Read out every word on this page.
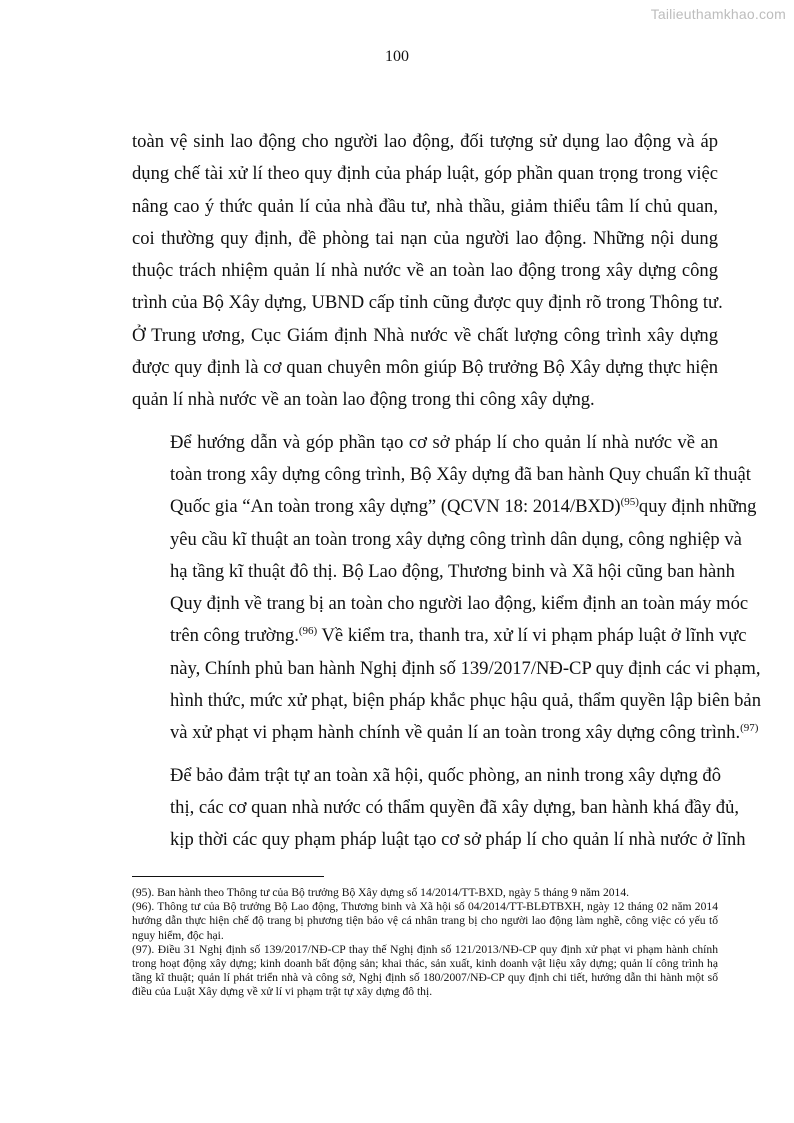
Tailieuthamkhao.com
100

toàn vệ sinh lao động cho người lao động, đối tượng sử dụng lao động và áp
dụng chế tài xử lí theo quy định của pháp luật, góp phần quan trọng trong việc
nâng cao ý thức quản lí của nhà đầu tư, nhà thầu, giảm thiểu tâm lí chủ quan,
coi thường quy định, đề phòng tai nạn của người lao động. Những nội dung
thuộc trách nhiệm quản lí nhà nước về an toàn lao động trong xây dựng công
trình của Bộ Xây dựng, UBND cấp tỉnh cũng được quy định rõ trong Thông tư.
Ở Trung ương, Cục Giám định Nhà nước về chất lượng công trình xây dựng
được quy định là cơ quan chuyên môn giúp Bộ trưởng Bộ Xây dựng thực hiện
quản lí nhà nước về an toàn lao động trong thi công xây dựng.

Để hướng dẫn và góp phần tạo cơ sở pháp lí cho quản lí nhà nước về an
toàn trong xây dựng công trình, Bộ Xây dựng đã ban hành Quy chuẩn kĩ thuật
Quốc gia “An toàn trong xây dựng” (QCVN 18: 2014/BXD)$^{(95)}$quy định những
yêu cầu kĩ thuật an toàn trong xây dựng công trình dân dụng, công nghiệp và
hạ tầng kĩ thuật đô thị. Bộ Lao động, Thương binh và Xã hội cũng ban hành
Quy định về trang bị an toàn cho người lao động, kiểm định an toàn máy móc
trên công trường.$^{(96)}$ Về kiểm tra, thanh tra, xử lí vi phạm pháp luật ở lĩnh vực
này, Chính phủ ban hành Nghị định số 139/2017/NĐ-CP quy định các vi phạm,
hình thức, mức xử phạt, biện pháp khắc phục hậu quả, thẩm quyền lập biên bản
và xử phạt vi phạm hành chính về quản lí an toàn trong xây dựng công trình.$^{(97)}$

Để bảo đảm trật tự an toàn xã hội, quốc phòng, an ninh trong xây dựng đô
thị, các cơ quan nhà nước có thẩm quyền đã xây dựng, ban hành khá đầy đủ,
kịp thời các quy phạm pháp luật tạo cơ sở pháp lí cho quản lí nhà nước ở lĩnh

(95). Ban hành theo Thông tư của Bộ trưởng Bộ Xây dựng số 14/2014/TT-BXD, ngày 5 tháng 9 năm 2014.

(96). Thông tư của Bộ trưởng Bộ Lao động, Thương binh và Xã hội số 04/2014/TT-BLĐTBXH, ngày 12 tháng 02 năm 2014 hướng dẫn thực hiện chế độ trang bị phương tiện bảo vệ cá nhân trang bị cho người lao động làm nghề, công việc có yếu tố nguy hiểm, độc hại.

(97). Điều 31 Nghị định số 139/2017/NĐ-CP thay thế Nghị định số 121/2013/NĐ-CP quy định xử phạt vi phạm hành chính trong hoạt động xây dựng; kinh doanh bất động sản; khai thác, sản xuất, kinh doanh vật liệu xây dựng; quản lí công trình hạ tầng kĩ thuật; quản lí phát triển nhà và công sở, Nghị định số 180/2007/NĐ-CP quy định chi tiết, hướng dẫn thi hành một số điều của Luật Xây dựng về xử lí vi phạm trật tự xây dựng đô thị.
